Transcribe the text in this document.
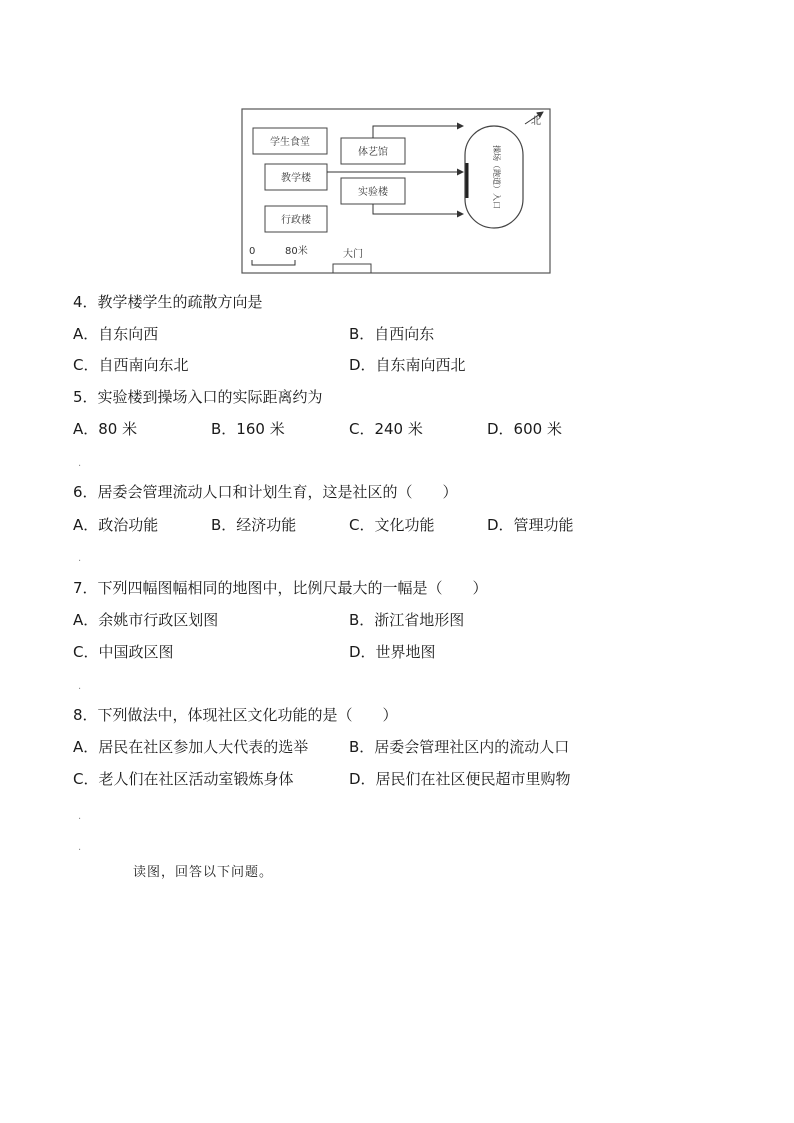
学生食堂
教学楼
行政楼
体艺馆
实验楼	操场（跑道）入口
北
0	80米	大门
4．教学楼学生的疏散方向是
A．自东向西	B．自西向东
C．自西南向东北	D．自东南向西北
5．实验楼到操场入口的实际距离约为
A．80 米	B．160 米	C．240 米	D．600 米
·
6．居委会管理流动人口和计划生育，这是社区的（　　）
A．政治功能	B．经济功能	C．文化功能	D．管理功能
·
7．下列四幅图幅相同的地图中，比例尺最大的一幅是（　　）
A．余姚市行政区划图	B．浙江省地形图
C．中国政区图	D．世界地图
·
8．下列做法中，体现社区文化功能的是（　　）
A．居民在社区参加人大代表的选举	B．居委会管理社区内的流动人口
C．老人们在社区活动室锻炼身体	D．居民们在社区便民超市里购物
·
·
读图，回答以下问题。
